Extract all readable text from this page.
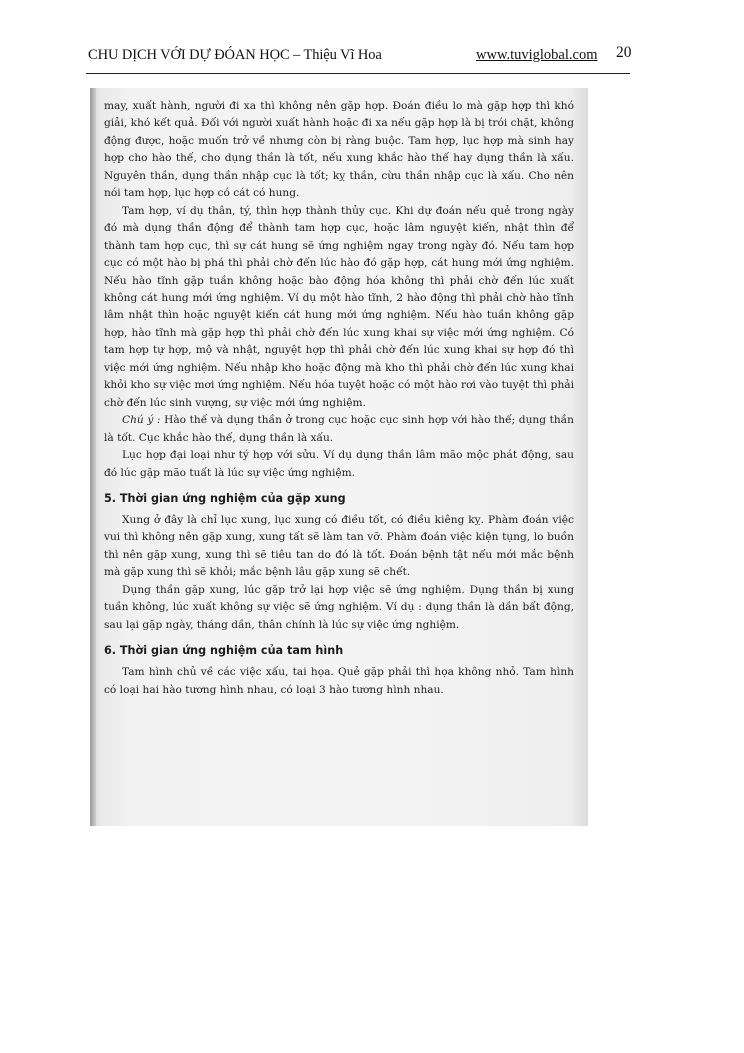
CHU DỊCH VỚI DỰ ĐÓAN HỌC – Thiệu Vĩ Hoa	www.tuviglobal.com 20

may, xuất hành, người đi xa thì không nên gặp hợp. Đoán điều lo mà gặp hợp thì khó giải, khó kết quả. Đối với người xuất hành hoặc đi xa nếu gặp hợp là bị trói chặt, không động được, hoặc muốn trở về nhưng còn bị ràng buộc. Tam hợp, lục hợp mà sinh hay hợp cho hào thế, cho dụng thần là tốt, nếu xung khắc hào thế hay dụng thần là xấu. Nguyên thần, dụng thần nhập cục là tốt; kỵ thần, cừu thần nhập cục là xấu. Cho nên nói tam hợp, lục hợp có cát có hung.

Tam hợp, ví dụ thân, tý, thìn hợp thành thủy cục. Khi dự đoán nếu quẻ trong ngày đó mà dụng thần động để thành tam hợp cục, hoặc lâm nguyệt kiến, nhật thìn để thành tam hợp cục, thì sự cát hung sẽ ứng nghiệm ngay trong ngày đó. Nếu tam hợp cục có một hào bị phá thì phải chờ đến lúc hào đó gặp hợp, cát hung mới ứng nghiệm. Nếu hào tĩnh gặp tuần không hoặc bào động hóa không thì phải chờ đến lúc xuất không cát hung mới ứng nghiệm. Ví dụ một hào tĩnh, 2 hào động thì phải chờ hào tĩnh lâm nhật thìn hoặc nguyệt kiến cát hung mới ứng nghiệm. Nếu hào tuần không gặp hợp, hào tĩnh mà gặp hợp thì phải chờ đến lúc xung khai sự việc mới ứng nghiệm. Có tam hợp tự hợp, mộ và nhật, nguyệt hợp thì phải chờ đến lúc xung khai sự hợp đó thì việc mới ứng nghiệm. Nếu nhập kho hoặc động mà kho thì phải chờ đến lúc xung khai khỏi kho sự việc mơi ứng nghiệm. Nếu hóa tuyệt hoặc có một hào rơi vào tuyệt thì phải chờ đến lúc sinh vượng, sự việc mới ứng nghiệm.

Chú ý : Hào thế và dụng thần ở trong cục hoặc cục sinh hợp với hào thế; dụng thần là tốt. Cục khắc hào thế, dụng thần là xấu.

Lục hợp đại loại như tý hợp với sửu. Ví dụ dụng thần lâm mão mộc phát động, sau đó lúc gặp mão tuất là lúc sự việc ứng nghiệm.

5. Thời gian ứng nghiệm của gặp xung

Xung ở đây là chỉ lục xung, lục xung có điều tốt, có điều kiêng kỵ. Phàm đoán việc vui thì không nên gặp xung, xung tất sẽ làm tan vỡ. Phàm đoán việc kiện tụng, lo buồn thì nên gặp xung, xung thì sẽ tiêu tan do đó là tốt. Đoán bệnh tật nếu mới mắc bệnh mà gặp xung thì sẽ khỏi; mắc bệnh lâu gặp xung sẽ chết.

Dụng thần gặp xung, lúc gặp trở lại hợp việc sẽ ứng nghiệm. Dụng thần bị xung tuần không, lúc xuất không sự việc sẽ ứng nghiệm. Ví dụ : dụng thần là dần bất động, sau lại gặp ngày, tháng dần, thân chính là lúc sự việc ứng nghiệm.

6. Thời gian ứng nghiệm của tam hình

Tam hình chủ về các việc xấu, tai họa. Quẻ gặp phải thì họa không nhỏ. Tam hình có loại hai hào tương hình nhau, có loại 3 hào tương hình nhau.
